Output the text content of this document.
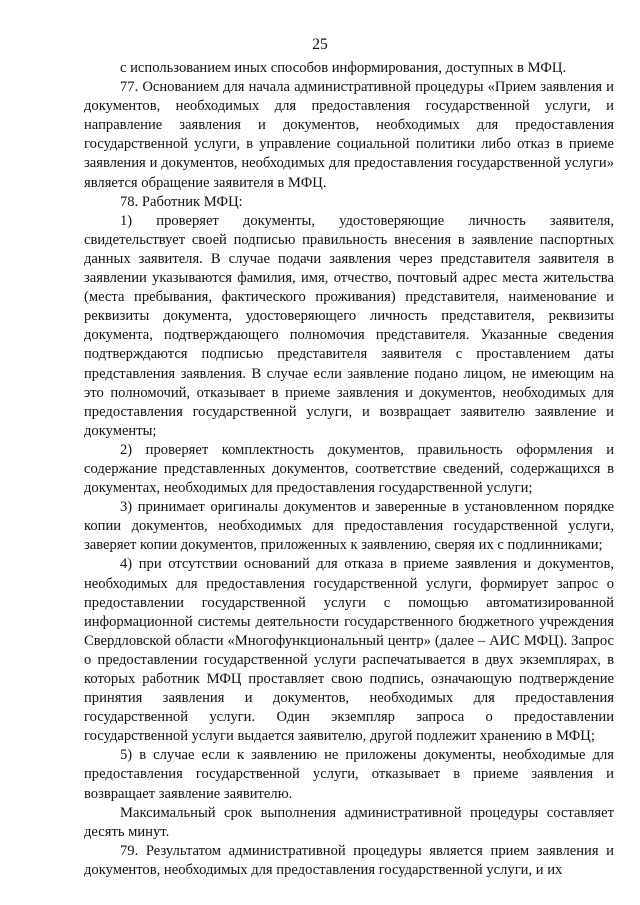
25

с использованием иных способов информирования, доступных в МФЦ.

77. Основанием для начала административной процедуры «Прием заявления и документов, необходимых для предоставления государственной услуги, и направление заявления и документов, необходимых для предоставления государственной услуги, в управление социальной политики либо отказ в приеме заявления и документов, необходимых для предоставления государственной услуги» является обращение заявителя в МФЦ.

78. Работник МФЦ:

1) проверяет документы, удостоверяющие личность заявителя, свидетельствует своей подписью правильность внесения в заявление паспортных данных заявителя. В случае подачи заявления через представителя заявителя в заявлении указываются фамилия, имя, отчество, почтовый адрес места жительства (места пребывания, фактического проживания) представителя, наименование и реквизиты документа, удостоверяющего личность представителя, реквизиты документа, подтверждающего полномочия представителя. Указанные сведения подтверждаются подписью представителя заявителя с проставлением даты представления заявления. В случае если заявление подано лицом, не имеющим на это полномочий, отказывает в приеме заявления и документов, необходимых для предоставления государственной услуги, и возвращает заявителю заявление и документы;

2) проверяет комплектность документов, правильность оформления и содержание представленных документов, соответствие сведений, содержащихся в документах, необходимых для предоставления государственной услуги;

3) принимает оригиналы документов и заверенные в установленном порядке копии документов, необходимых для предоставления государственной услуги, заверяет копии документов, приложенных к заявлению, сверяя их с подлинниками;

4) при отсутствии оснований для отказа в приеме заявления и документов, необходимых для предоставления государственной услуги, формирует запрос о предоставлении государственной услуги с помощью автоматизированной информационной системы деятельности государственного бюджетного учреждения Свердловской области «Многофункциональный центр» (далее – АИС МФЦ). Запрос о предоставлении государственной услуги распечатывается в двух экземплярах, в которых работник МФЦ проставляет свою подпись, означающую подтверждение принятия заявления и документов, необходимых для предоставления государственной услуги. Один экземпляр запроса о предоставлении государственной услуги выдается заявителю, другой подлежит хранению в МФЦ;

5) в случае если к заявлению не приложены документы, необходимые для предоставления государственной услуги, отказывает в приеме заявления и возвращает заявление заявителю.

Максимальный срок выполнения административной процедуры составляет десять минут.

79. Результатом административной процедуры является прием заявления и документов, необходимых для предоставления государственной услуги, и их
